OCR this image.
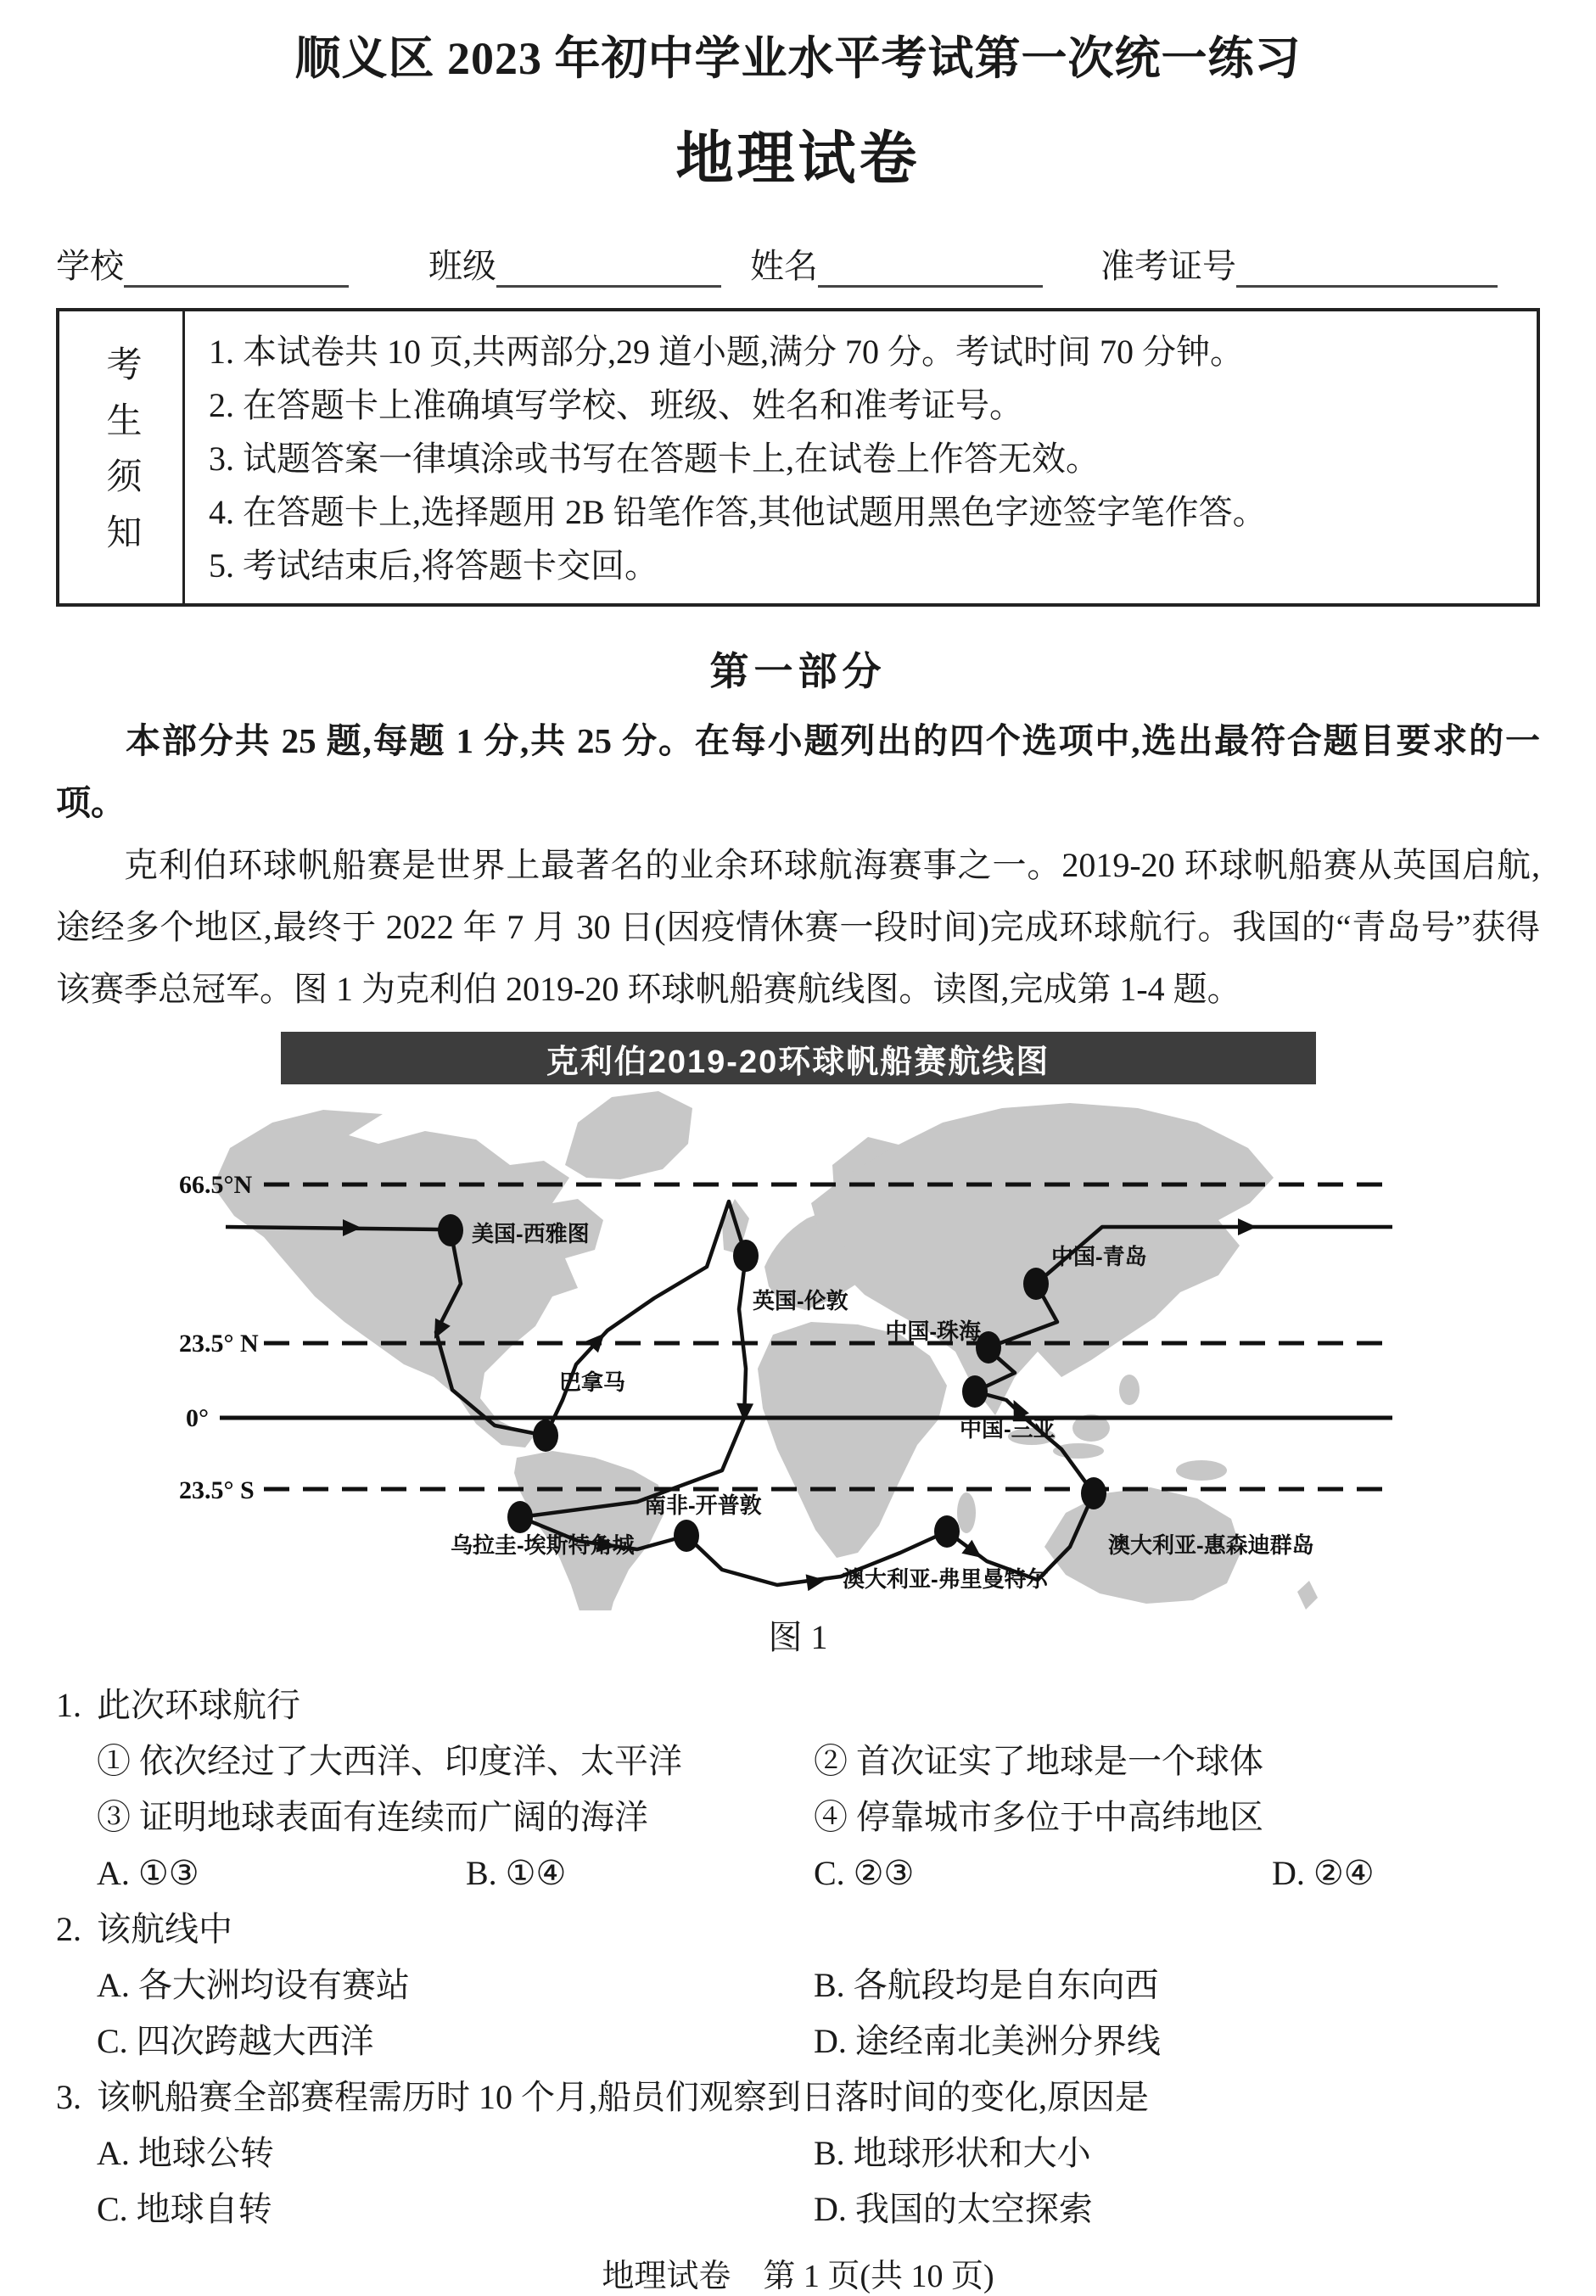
顺义区 2023 年初中学业水平考试第一次统一练习
地理试卷
学校	班级	姓名	准考证号
考生须知 1. 本试卷共 10 页,共两部分,29 道小题,满分 70 分。考试时间 70 分钟。
2. 在答题卡上准确填写学校、班级、姓名和准考证号。
3. 试题答案一律填涂或书写在答题卡上,在试卷上作答无效。
4. 在答题卡上,选择题用 2B 铅笔作答,其他试题用黑色字迹签字笔作答。
5. 考试结束后,将答题卡交回。
第一部分
本部分共 25 题,每题 1 分,共 25 分。在每小题列出的四个选项中,选出最符合题目要求的一项。
克利伯环球帆船赛是世界上最著名的业余环球航海赛事之一。2019-20 环球帆船赛从英国启航,途经多个地区,最终于 2022 年 7 月 30 日(因疫情休赛一段时间)完成环球航行。我国的“青岛号”获得该赛季总冠军。图 1 为克利伯 2019-20 环球帆船赛航线图。读图,完成第 1-4 题。
克利伯2019-20环球帆船赛航线图
66.5°N
23.5° N
0°
23.5° S
美国-西雅图
英国-伦敦
中国-青岛
中国-珠海
中国-三亚
巴拿马
乌拉圭-埃斯特角城
南非-开普敦
澳大利亚-弗里曼特尔
澳大利亚-惠森迪群岛
图 1
1. 此次环球航行
① 依次经过了大西洋、印度洋、太平洋	② 首次证实了地球是一个球体
③ 证明地球表面有连续而广阔的海洋	④ 停靠城市多位于中高纬地区
A. ①③	B. ①④	C. ②③	D. ②④
2. 该航线中
A. 各大洲均设有赛站	B. 各航段均是自东向西
C. 四次跨越大西洋	D. 途经南北美洲分界线
3. 该帆船赛全部赛程需历时 10 个月,船员们观察到日落时间的变化,原因是
A. 地球公转	B. 地球形状和大小
C. 地球自转	D. 我国的太空探索
地理试卷　第 1 页(共 10 页)
